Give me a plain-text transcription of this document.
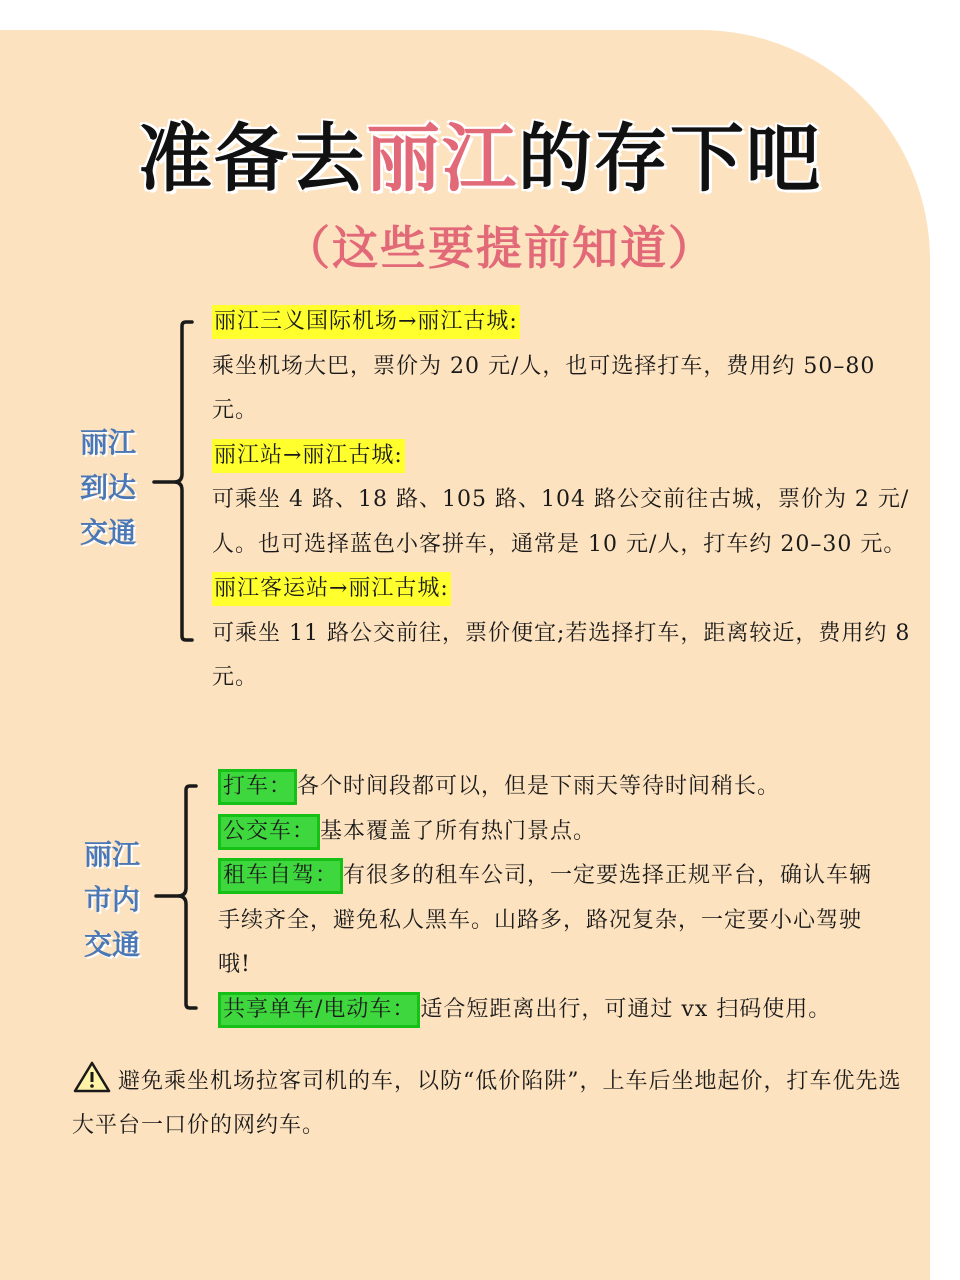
准备去丽江的存下吧
（这些要提前知道）
丽江
到达
交通
丽江三义国际机场→丽江古城:
乘坐机场大巴，票价为 20 元/人，也可选择打车，费用约 50–80 元。
丽江站→丽江古城:
可乘坐 4 路、18 路、105 路、104 路公交前往古城，票价为 2 元/人。也可选择蓝色小客拼车，通常是 10 元/人，打车约 20–30 元。
丽江客运站→丽江古城:
可乘坐 11 路公交前往，票价便宜;若选择打车，距离较近，费用约 8 元。
丽江
市内
交通
打车： 各个时间段都可以，但是下雨天等待时间稍长。
公交车： 基本覆盖了所有热门景点。
租车自驾： 有很多的租车公司，一定要选择正规平台，确认车辆手续齐全，避免私人黑车。山路多，路况复杂，一定要小心驾驶哦!
共享单车/电动车： 适合短距离出行，可通过 vx 扫码使用。
避免乘坐机场拉客司机的车，以防“低价陷阱”，上车后坐地起价，打车优先选大平台一口价的网约车。
